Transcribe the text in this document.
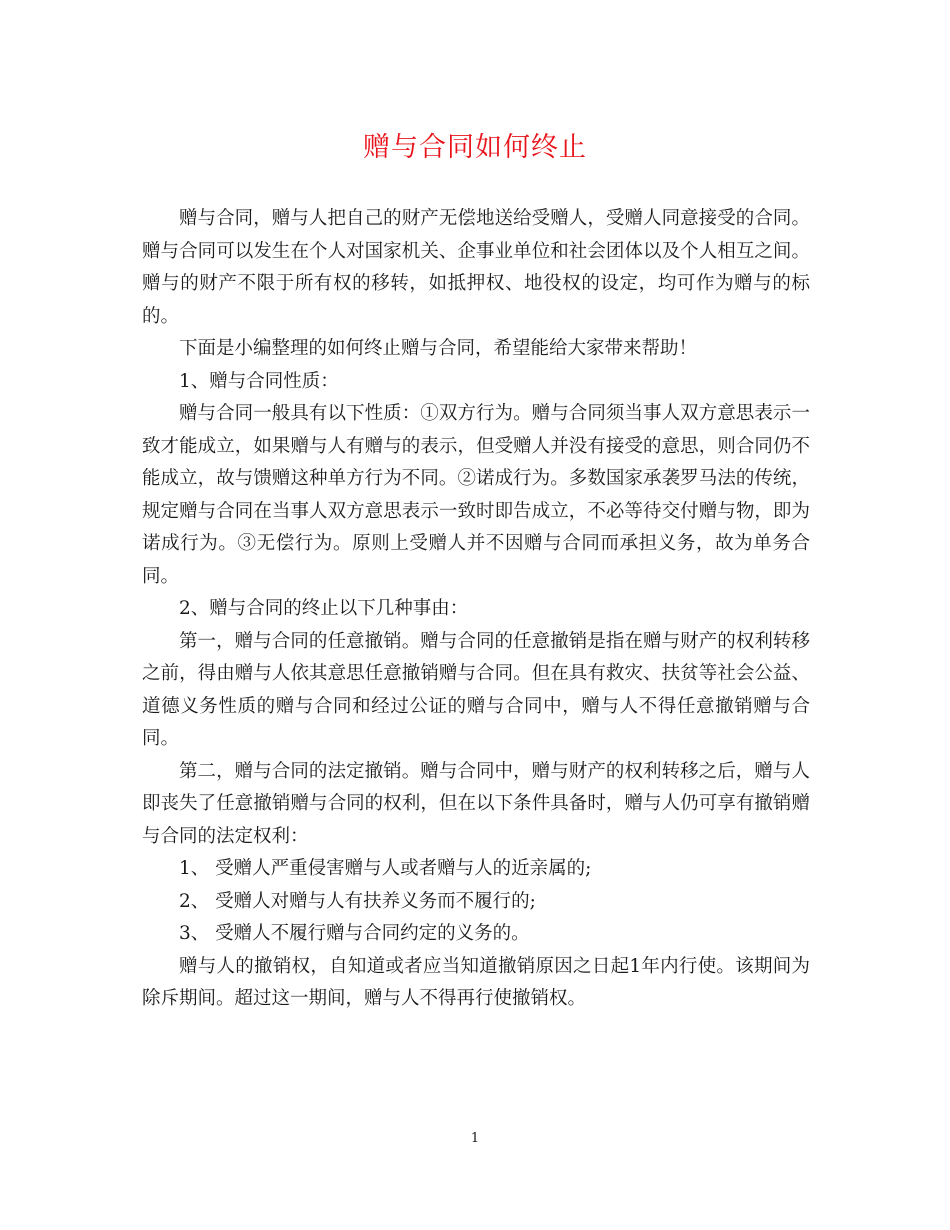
赠与合同如何终止

赠与合同，赠与人把自己的财产无偿地送给受赠人，受赠人同意接受的合同。赠与合同可以发生在个人对国家机关、企事业单位和社会团体以及个人相互之间。赠与的财产不限于所有权的移转，如抵押权、地役权的设定，均可作为赠与的标的。

下面是小编整理的如何终止赠与合同，希望能给大家带来帮助！

1、赠与合同性质：

赠与合同一般具有以下性质：①双方行为。赠与合同须当事人双方意思表示一致才能成立，如果赠与人有赠与的表示，但受赠人并没有接受的意思，则合同仍不能成立，故与馈赠这种单方行为不同。②诺成行为。多数国家承袭罗马法的传统，规定赠与合同在当事人双方意思表示一致时即告成立，不必等待交付赠与物，即为诺成行为。③无偿行为。原则上受赠人并不因赠与合同而承担义务，故为单务合同。

2、赠与合同的终止以下几种事由：

第一，赠与合同的任意撤销。赠与合同的任意撤销是指在赠与财产的权利转移之前，得由赠与人依其意思任意撤销赠与合同。但在具有救灾、扶贫等社会公益、道德义务性质的赠与合同和经过公证的赠与合同中，赠与人不得任意撤销赠与合同。

第二，赠与合同的法定撤销。赠与合同中，赠与财产的权利转移之后，赠与人即丧失了任意撤销赠与合同的权利，但在以下条件具备时，赠与人仍可享有撤销赠与合同的法定权利：

1、 受赠人严重侵害赠与人或者赠与人的近亲属的;

2、 受赠人对赠与人有扶养义务而不履行的;

3、 受赠人不履行赠与合同约定的义务的。

赠与人的撤销权，自知道或者应当知道撤销原因之日起1年内行使。该期间为除斥期间。超过这一期间，赠与人不得再行使撤销权。

1
